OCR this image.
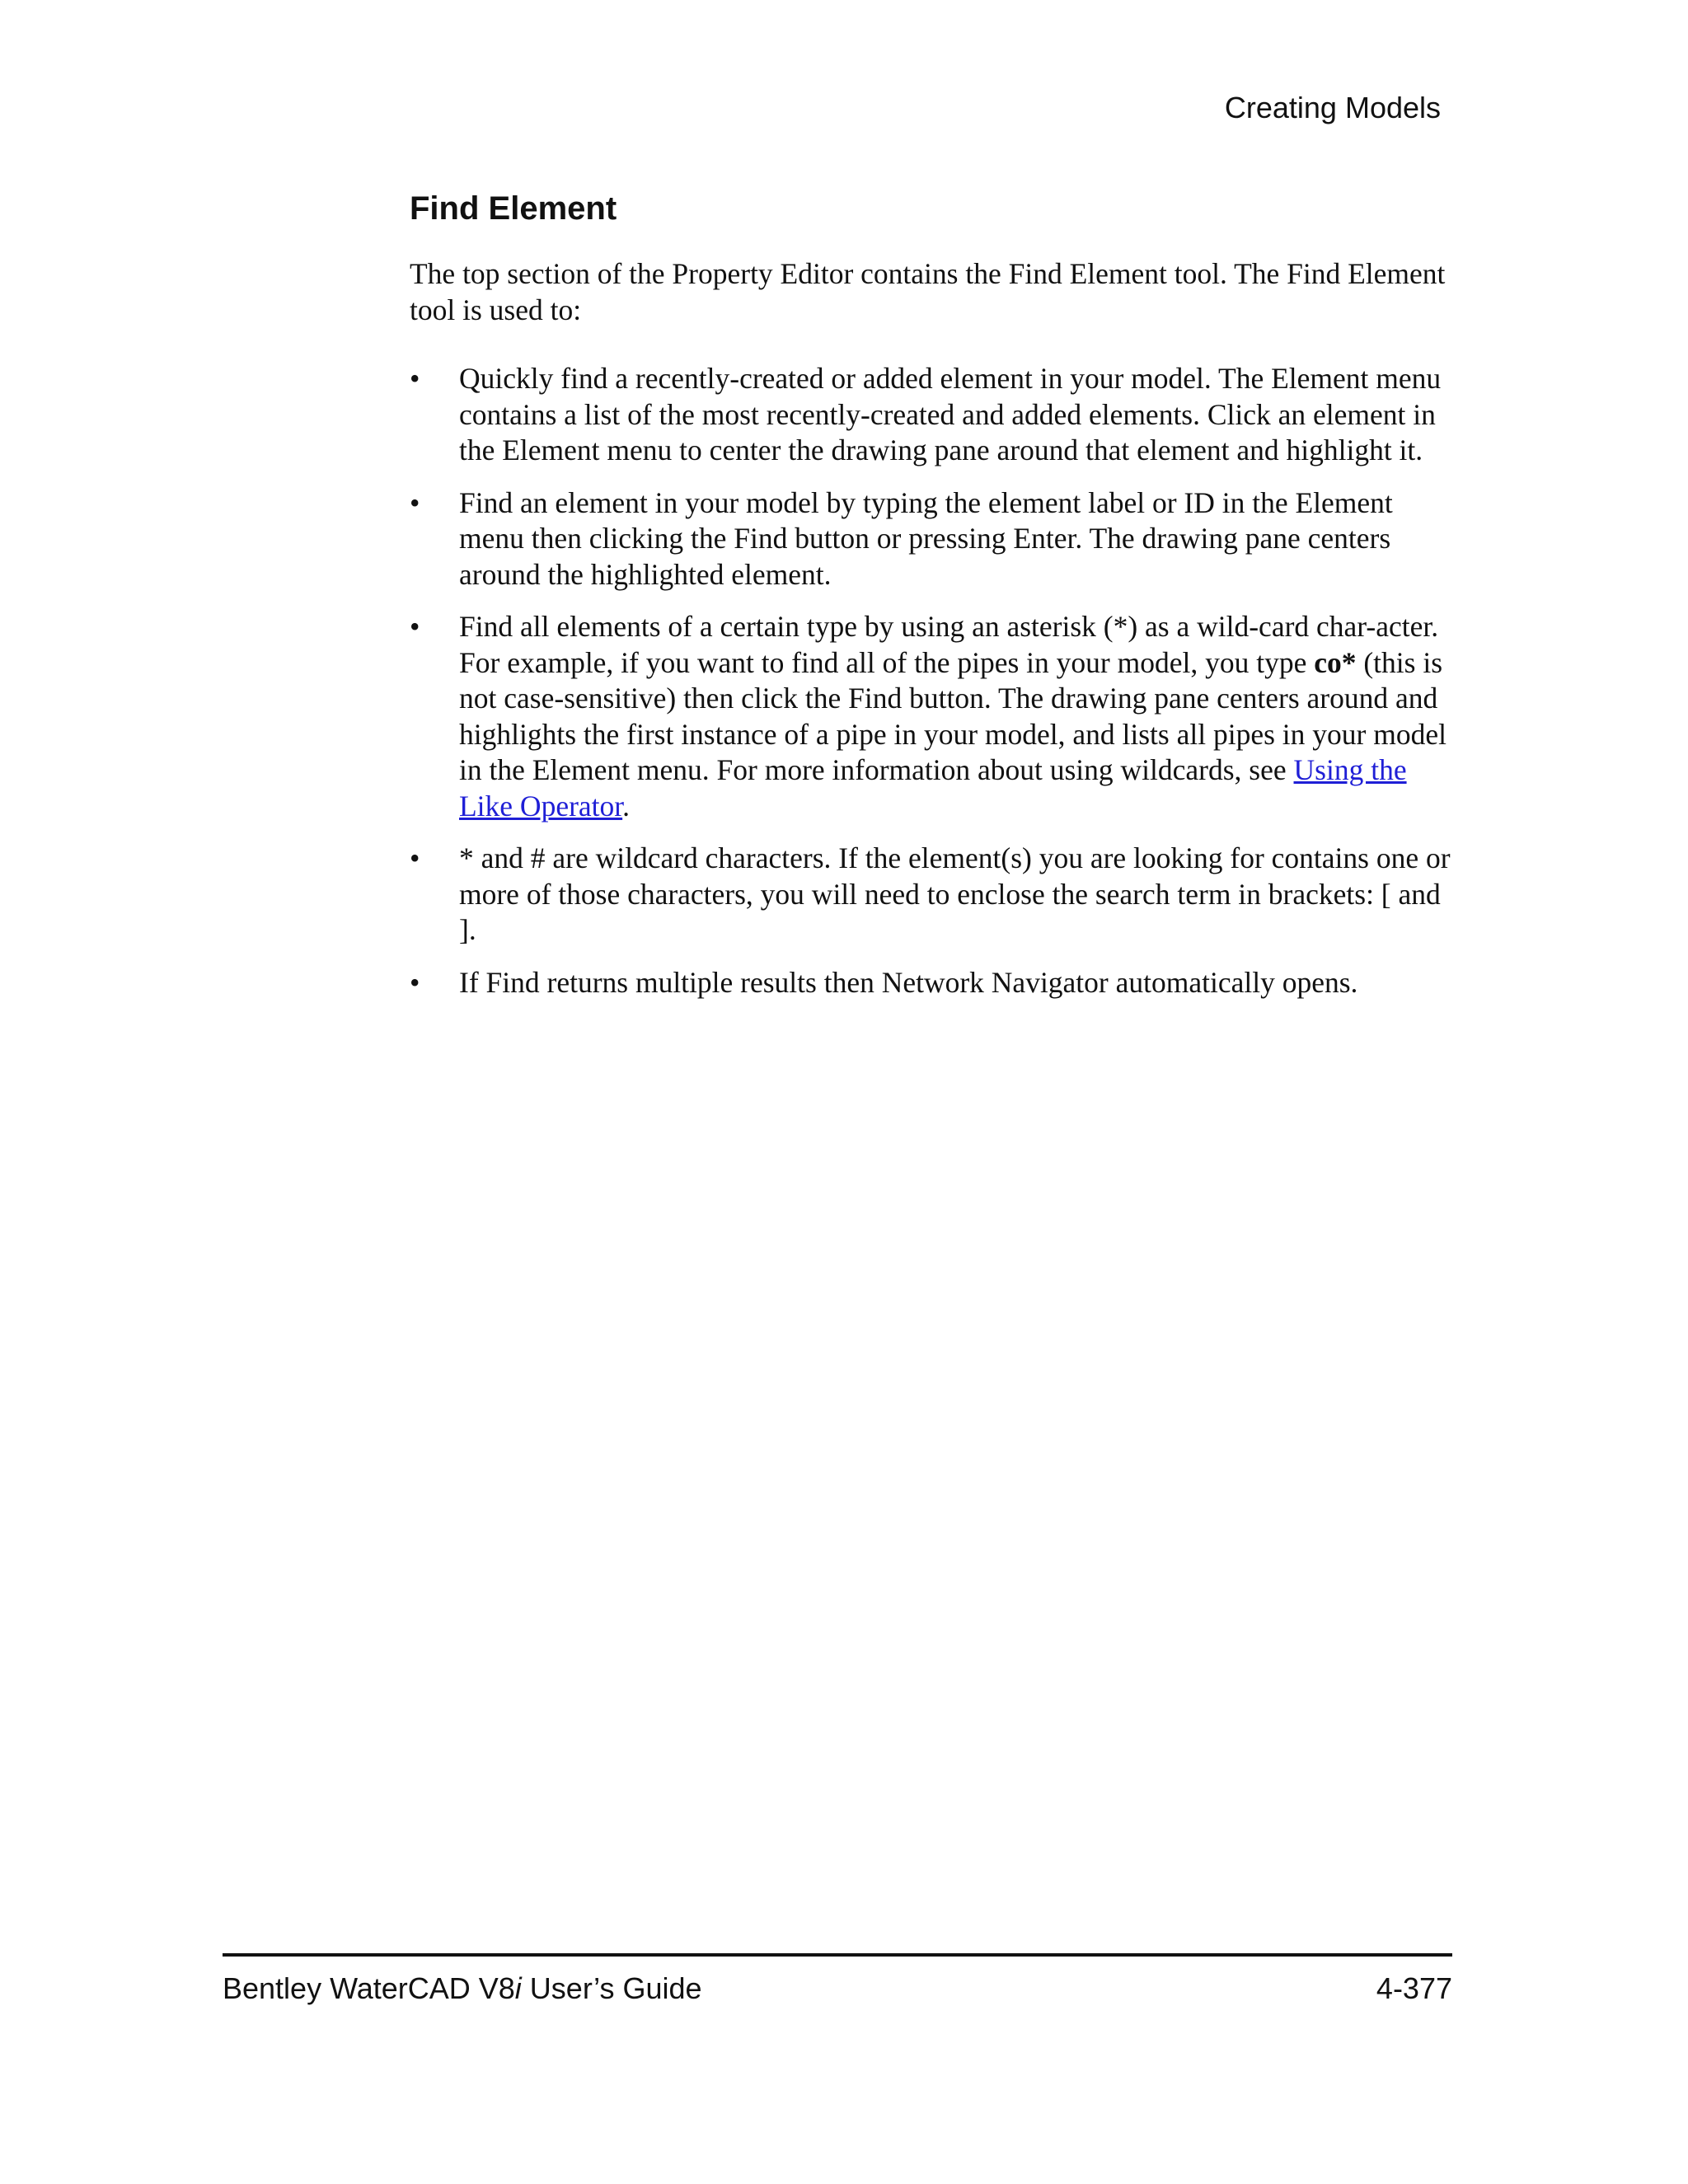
Creating Models
Find Element

The top section of the Property Editor contains the Find Element tool. The Find Element tool is used to:

• Quickly find a recently-created or added element in your model. The Element menu contains a list of the most recently-created and added elements. Click an element in the Element menu to center the drawing pane around that element and highlight it.
• Find an element in your model by typing the element label or ID in the Element menu then clicking the Find button or pressing Enter. The drawing pane centers around the highlighted element.
• Find all elements of a certain type by using an asterisk (*) as a wild-card char-acter. For example, if you want to find all of the pipes in your model, you type co* (this is not case-sensitive) then click the Find button. The drawing pane centers around and highlights the first instance of a pipe in your model, and lists all pipes in your model in the Element menu. For more information about using wildcards, see Using the Like Operator.
• * and # are wildcard characters. If the element(s) you are looking for contains one or more of those characters, you will need to enclose the search term in brackets: [ and ].
• If Find returns multiple results then Network Navigator automatically opens.
Bentley WaterCAD V8i User’s Guide	4-377
